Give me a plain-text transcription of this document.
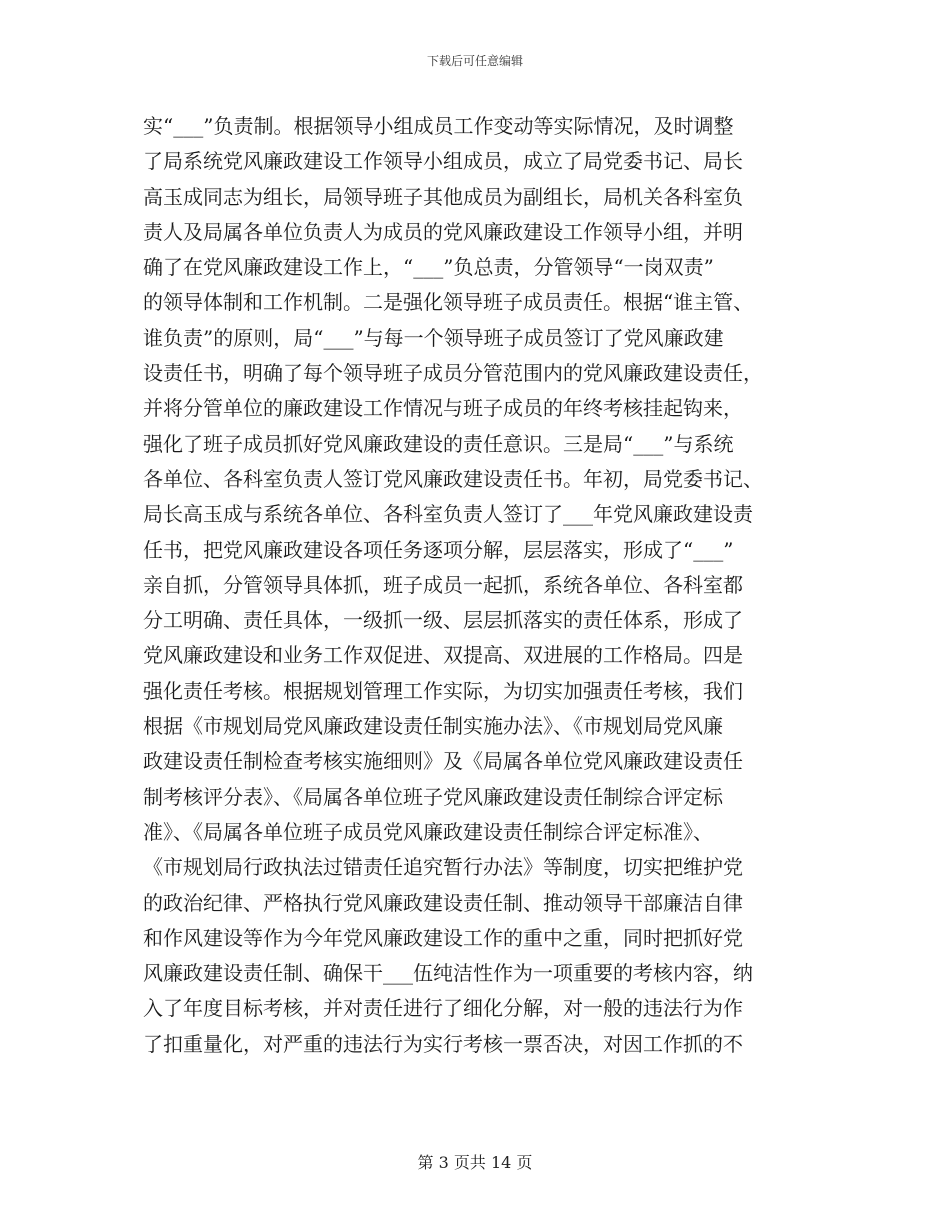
下载后可任意编辑
实“___”负责制。根据领导小组成员工作变动等实际情况，及时调整
了局系统党风廉政建设工作领导小组成员，成立了局党委书记、局长
高玉成同志为组长，局领导班子其他成员为副组长，局机关各科室负
责人及局属各单位负责人为成员的党风廉政建设工作领导小组，并明
确了在党风廉政建设工作上，“___”负总责，分管领导“一岗双责”
的领导体制和工作机制。二是强化领导班子成员责任。根据“谁主管、
谁负责”的原则，局“___”与每一个领导班子成员签订了党风廉政建
设责任书，明确了每个领导班子成员分管范围内的党风廉政建设责任，
并将分管单位的廉政建设工作情况与班子成员的年终考核挂起钩来，
强化了班子成员抓好党风廉政建设的责任意识。三是局“___”与系统
各单位、各科室负责人签订党风廉政建设责任书。年初，局党委书记、
局长高玉成与系统各单位、各科室负责人签订了___年党风廉政建设责
任书，把党风廉政建设各项任务逐项分解，层层落实，形成了“___”
亲自抓，分管领导具体抓，班子成员一起抓，系统各单位、各科室都
分工明确、责任具体，一级抓一级、层层抓落实的责任体系，形成了
党风廉政建设和业务工作双促进、双提高、双进展的工作格局。四是
强化责任考核。根据规划管理工作实际，为切实加强责任考核，我们
根据《市规划局党风廉政建设责任制实施办法》、《市规划局党风廉
政建设责任制检查考核实施细则》及《局属各单位党风廉政建设责任
制考核评分表》、《局属各单位班子党风廉政建设责任制综合评定标
准》、《局属各单位班子成员党风廉政建设责任制综合评定标准》、
《市规划局行政执法过错责任追究暂行办法》等制度，切实把维护党
的政治纪律、严格执行党风廉政建设责任制、推动领导干部廉洁自律
和作风建设等作为今年党风廉政建设工作的重中之重，同时把抓好党
风廉政建设责任制、确保干___伍纯洁性作为一项重要的考核内容，纳
入了年度目标考核，并对责任进行了细化分解，对一般的违法行为作
了扣重量化，对严重的违法行为实行考核一票否决，对因工作抓的不
第 3 页共 14 页
